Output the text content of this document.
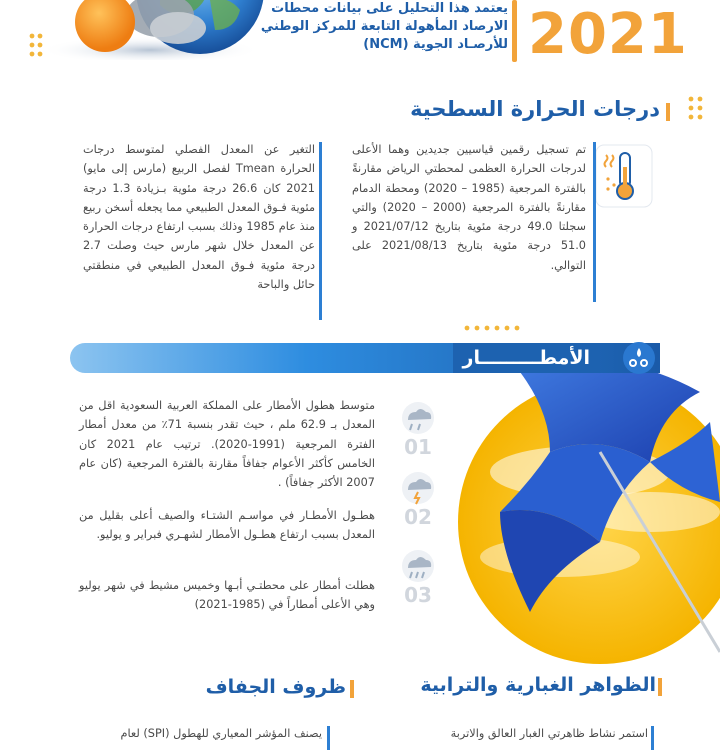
يعتمد هذا التحليل على بيانات محطات
الارصاد المأهولة التابعة للمركز الوطني
للأرصـاد الجوية (NCM) 2021
درجات الحرارة السطحية

تم تسجيل رقمين قياسيين جديدين وهما الأعلى لدرجات الحرارة العظمى لمحطتي الرياض مقارنةً بالفترة المرجعية (1985 – 2020) ومحطة الدمام مقارنةً بالفترة المرجعية (2000 – 2020) والتي سجلتا 49.0 درجة مئوية بتاريخ 2021/07/12 و 51.0 درجة مئوية بتاريخ 2021/08/13 على التوالي.

التغير عن المعدل الفصلي لمتوسط درجات الحرارة Tmean لفصل الربيع (مارس إلى مايو) 2021 كان 26.6 درجة مئوية بـزيادة 1.3 درجة مئوية فـوق المعدل الطبيعي مما يجعله أسخن ربيع منذ عام 1985 وذلك بسبب ارتفاع درجات الحرارة عن المعدل خلال شهر مارس حيث وصلت 2.7 درجة مئوية فـوق المعدل الطبيعي في منطقتي حائل والباحة

الأمطـــــــــار
01
02
03

متوسط هطول الأمطار على المملكة العربية السعودية اقل من المعدل بـ 62.9 ملم ، حيث تقدر بنسبة 71٪ من معدل أمطار الفترة المرجعية (1991-2020). ترتيب عام 2021 كان الخامس كأكثر الأعوام جفافاً مقارنة بالفترة المرجعية (كان عام 2007 الأكثر جفافاً) .

هطـول الأمطـار في مواسـم الشتـاء والصيف أعلى بقليل من المعدل بسبب ارتفاع هطـول الأمطار لشهـري فبراير و يوليو.

هطلت أمطار على محطتـي أبـها وخميس مشيط في شهر يوليو وهي الأعلى أمطاراً في (1985-2021)

الظواهر الغبارية والترابية
ظروف الجفاف

استمر نشاط ظاهرتي الغبار العالق والاتربة

يصنف المؤشر المعياري للهطول (SPI) لعام
